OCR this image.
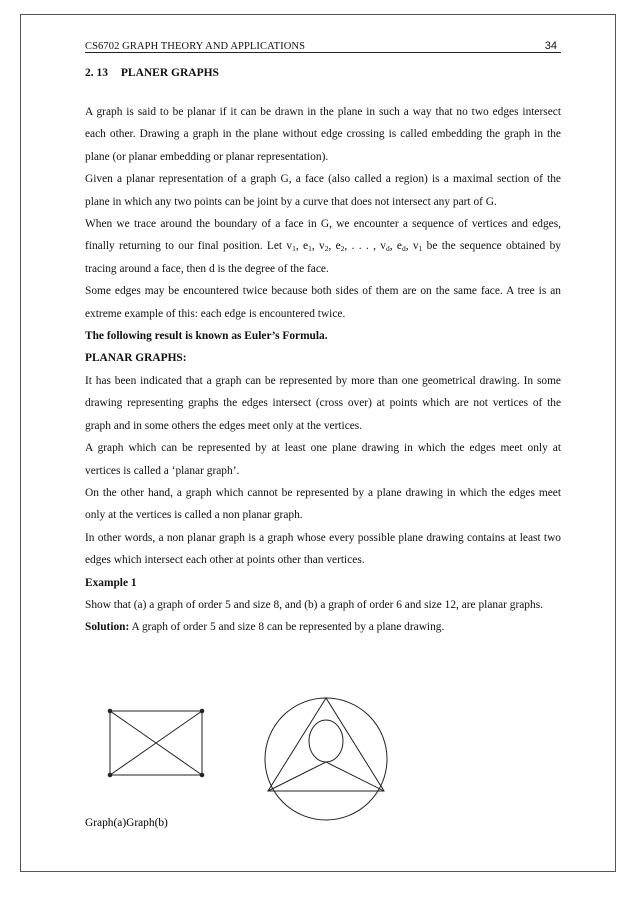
CS6702 GRAPH THEORY AND APPLICATIONS	34
2. 13 PLANER GRAPHS

A graph is said to be planar if it can be drawn in the plane in such a way that no two edges intersect each other. Drawing a graph in the plane without edge crossing is called embedding the graph in the plane (or planar embedding or planar representation).

Given a planar representation of a graph G, a face (also called a region) is a maximal section of the plane in which any two points can be joint by a curve that does not intersect any part of G.

When we trace around the boundary of a face in G, we encounter a sequence of vertices and edges, finally returning to our final position. Let $v_1$, $e_1$, $v_2$, $e_2$, . . . , $v_d$, $e_d$, $v_1$ be the sequence obtained by tracing around a face, then d is the degree of the face.

Some edges may be encountered twice because both sides of them are on the same face. A tree is an extreme example of this: each edge is encountered twice.

The following result is known as Euler’s Formula.

PLANAR GRAPHS:

It has been indicated that a graph can be represented by more than one geometrical drawing. In some drawing representing graphs the edges intersect (cross over) at points which are not vertices of the graph and in some others the edges meet only at the vertices.

A graph which can be represented by at least one plane drawing in which the edges meet only at vertices is called a ‘planar graph’.

On the other hand, a graph which cannot be represented by a plane drawing in which the edges meet only at the vertices is called a non planar graph.

In other words, a non planar graph is a graph whose every possible plane drawing contains at least two edges which intersect each other at points other than vertices.

Example 1

Show that (a) a graph of order 5 and size 8, and (b) a graph of order 6 and size 12, are planar graphs.

Solution: A graph of order 5 and size 8 can be represented by a plane drawing.

Graph(a)Graph(b)
